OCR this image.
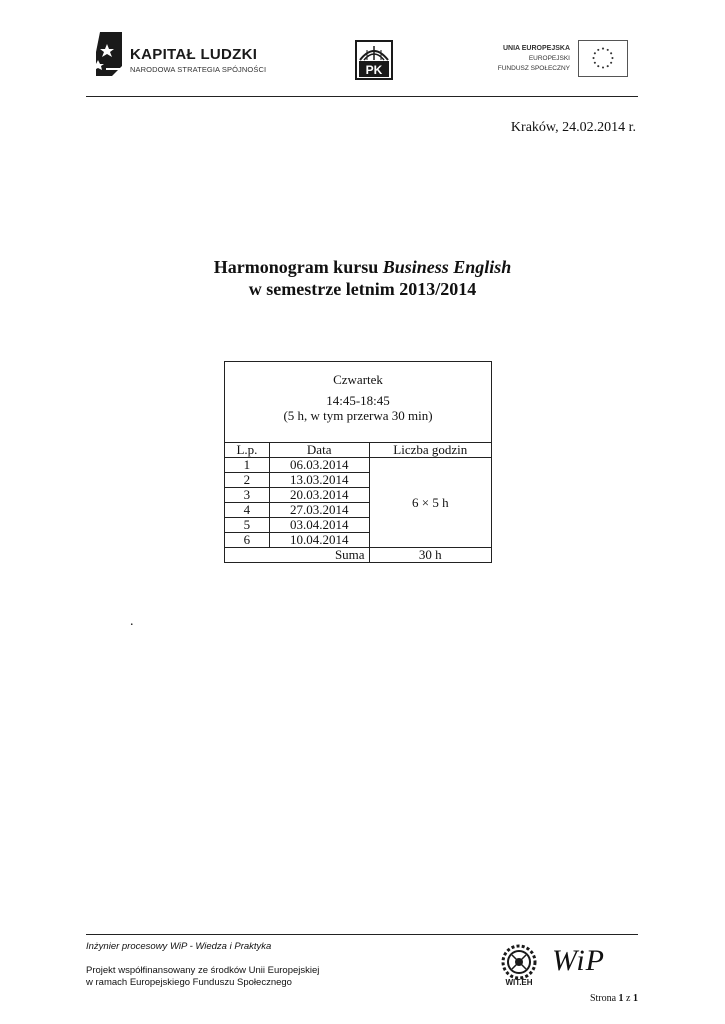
KAPITAŁ LUDZKI
NARODOWA STRATEGIA SPÓJNOŚCI	PK
UNIA EUROPEJSKA
EUROPEJSKI
FUNDUSZ SPOŁECZNY
Kraków, 24.02.2014 r.
Harmonogram kursu Business English
w semestrze letnim 2013/2014
Czwartek
14:45-18:45
(5 h, w tym przerwa 30 min)		

L.p.	Data	Liczba godzin
1	06.03.2014	6 × 5 h
2	13.03.2014	
3	20.03.2014	
4	27.03.2014	
5	03.04.2014	
6	10.04.2014	
Suma		30 h
.
Inżynier procesowy WiP - Wiedza i Praktyka
Projekt współfinansowany ze środków Unii Europejskiej
w ramach Europejskiego Funduszu Społecznego	WIT.EH
WiP
Strona 1 z 1
